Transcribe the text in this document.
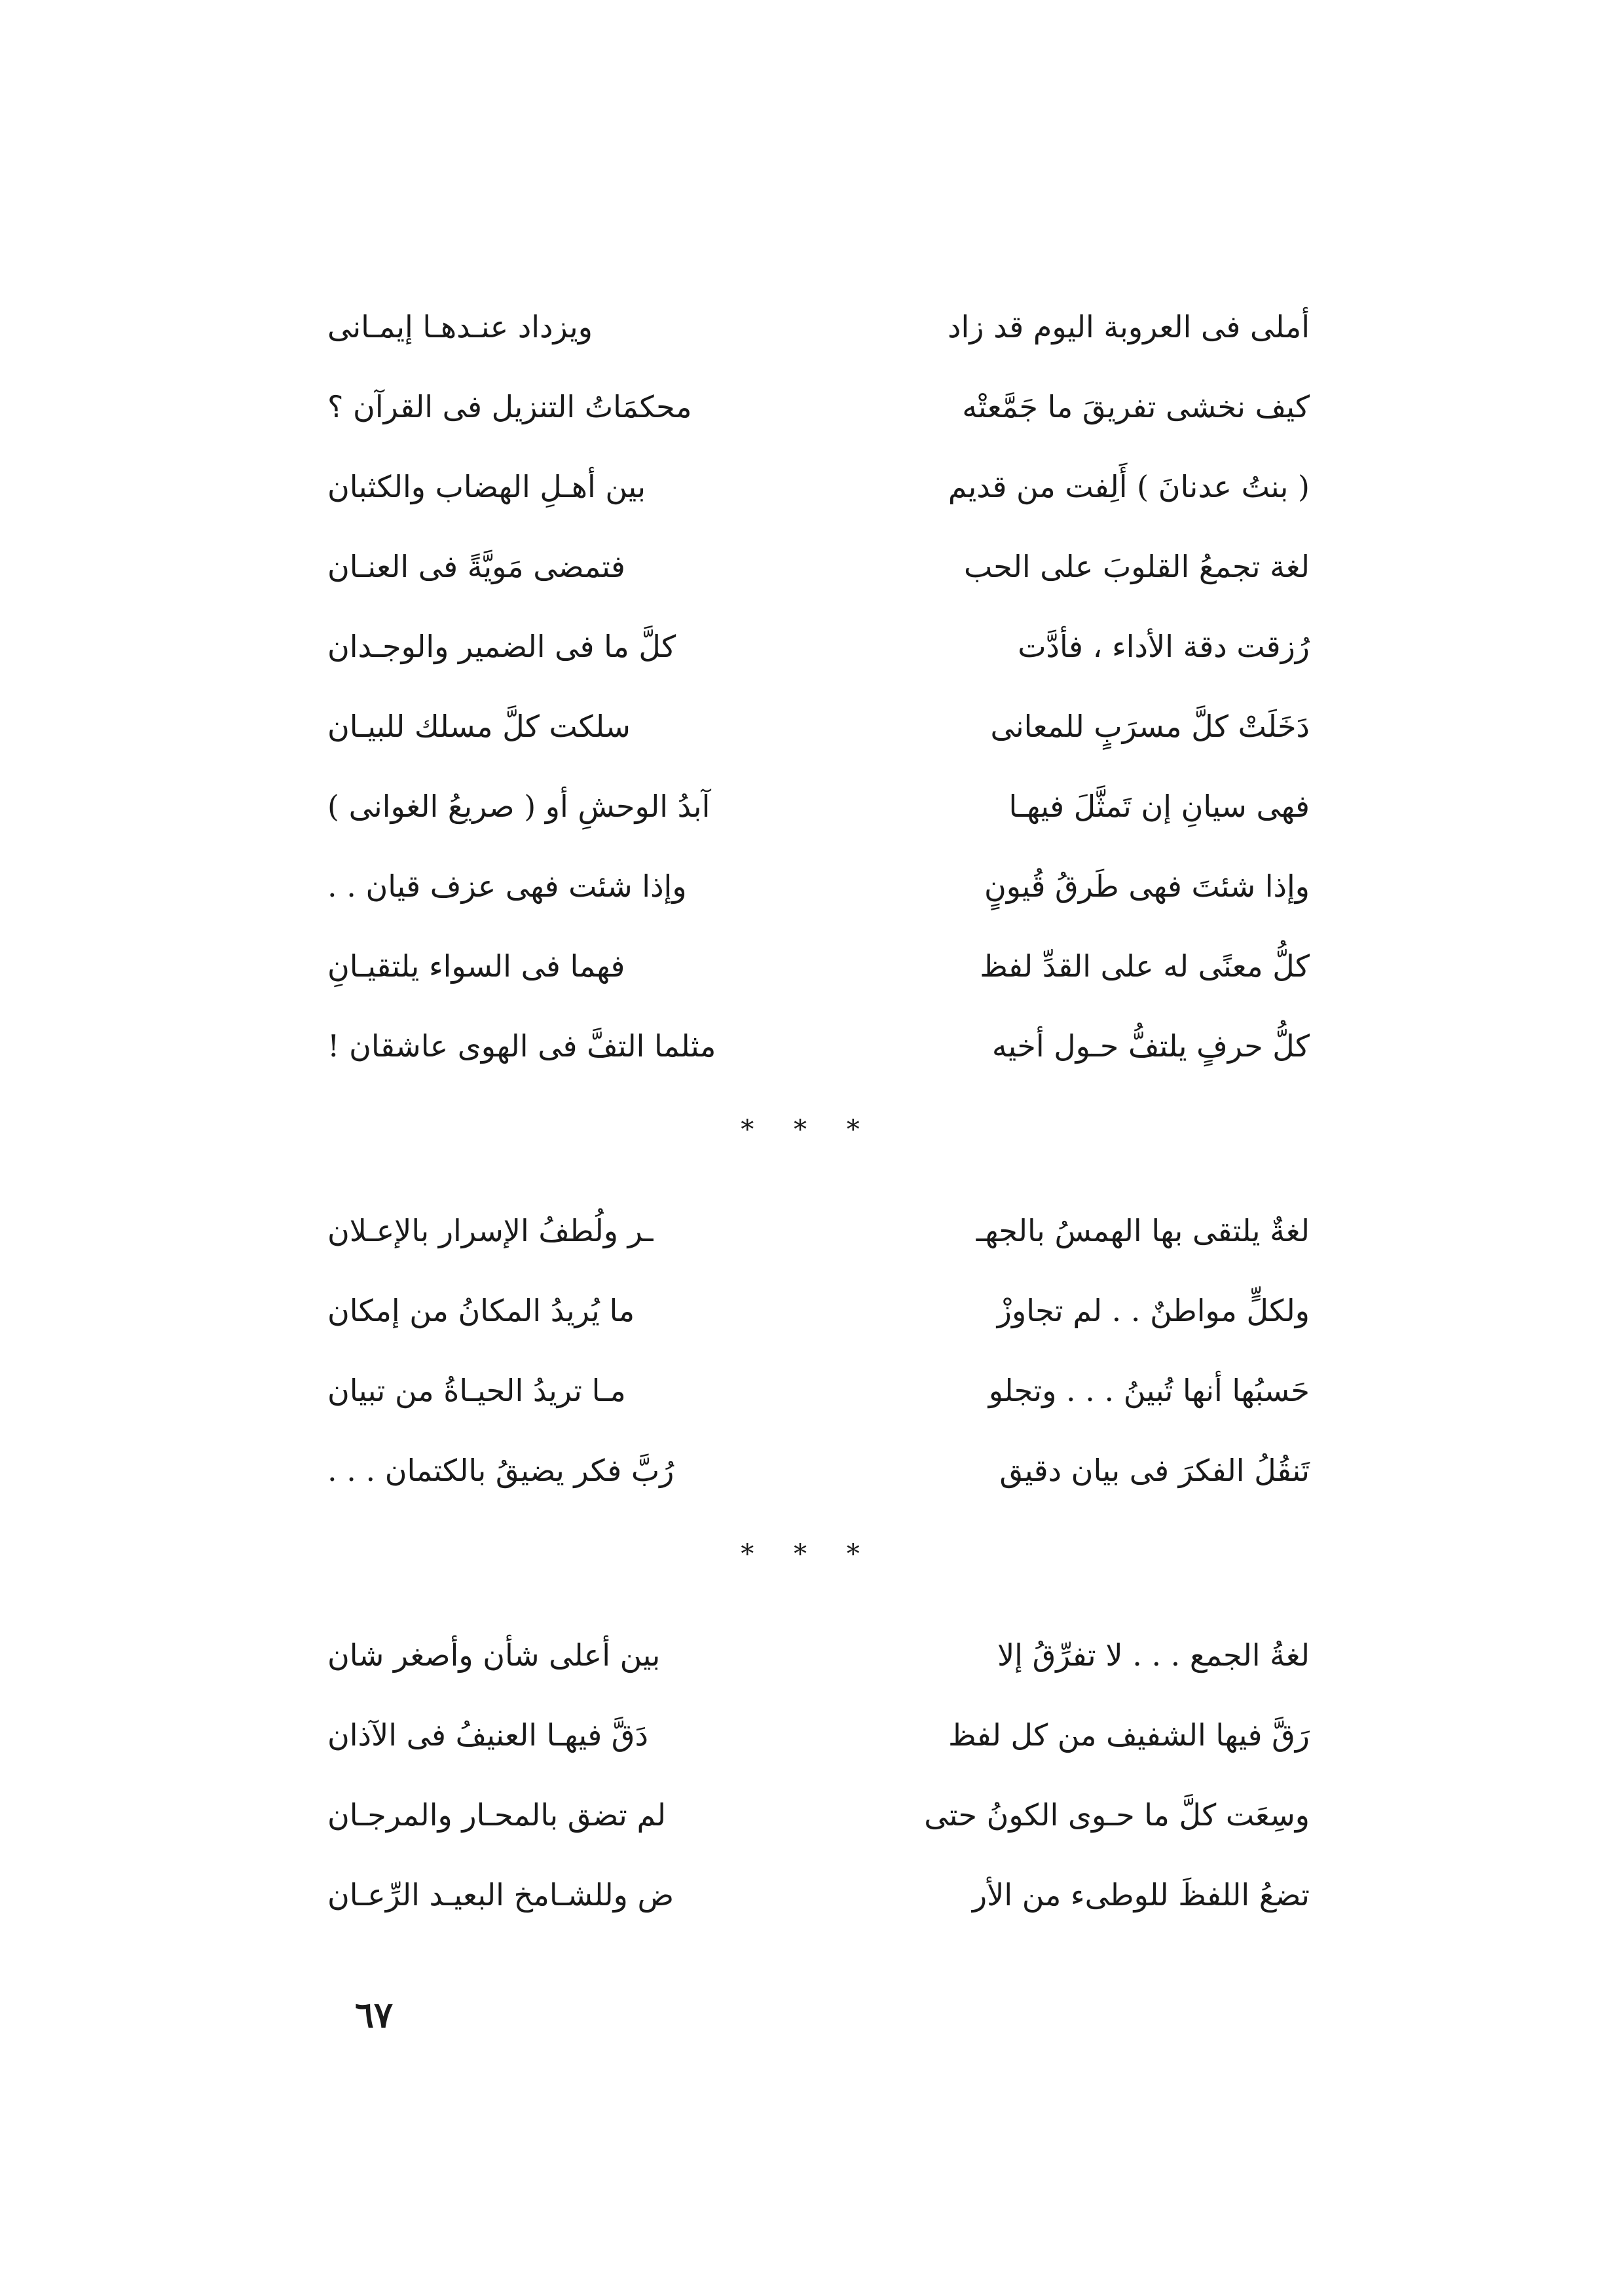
أملى فى العروبة اليوم قد زاد
ويزداد عنـدهـا إيمـانى
كيف نخشى تفريقَ ما جَمَّعتْه
محكمَاتُ التنزيل فى القرآن ؟
( بنتُ عدنانَ ) أَلِفت من قديم
بين أهـلِ الهضاب والكثبان
لغة تجمعُ القلوبَ على الحب
فتمضى مَويَّةً فى العنـان
رُزقت دقة الأداء ، فأدَّت
كلَّ ما فى الضمير والوجـدان
دَخَلَتْ كلَّ مسرَبٍ للمعانى
سلكت كلَّ مسلك للبيـان
فهى سيانِ إن تَمثَّلَ فيهـا
آبدُ الوحشِ أو ( صريعُ الغوانى )
وإذا شئتَ فهى طَرقُ قُيونٍ
وإذا شئت فهى عزف قيان . .
كلُّ معنًى له على القدِّ لفظ
فهما فى السواء يلتقيـانِ
كلُّ حرفٍ يلتفُّ حـول أخيه
مثلما التفَّ فى الهوى عاشقان !
* * *
لغةٌ يلتقى بها الهمسُ بالجهـ
ـر ولُطفُ الإسرار بالإعـلان
ولكلٍّ مواطنٌ . . لم تجاوزْ
ما يُريدُ المكانُ من إمكان
حَسبُها أنها تُبينُ . . . وتجلو
مـا تريدُ الحيـاةُ من تبيان
تَنقُلُ الفكرَ فى بيان دقيق
رُبَّ فكر يضيقُ بالكتمان . . .
* * *
لغةُ الجمع . . . لا تفرِّقُ إلا
بين أعلى شأن وأصغر شان
رَقَّ فيها الشفيف من كل لفظ
دَقَّ فيهـا العنيفُ فى الآذان
وسِعَت كلَّ ما حـوى الكونُ حتى
لم تضق بالمحـار والمرجـان
تضعُ اللفظَ للوطىء من الأر
ض وللشـامخ البعيـد الرِّعـان
٦٧
